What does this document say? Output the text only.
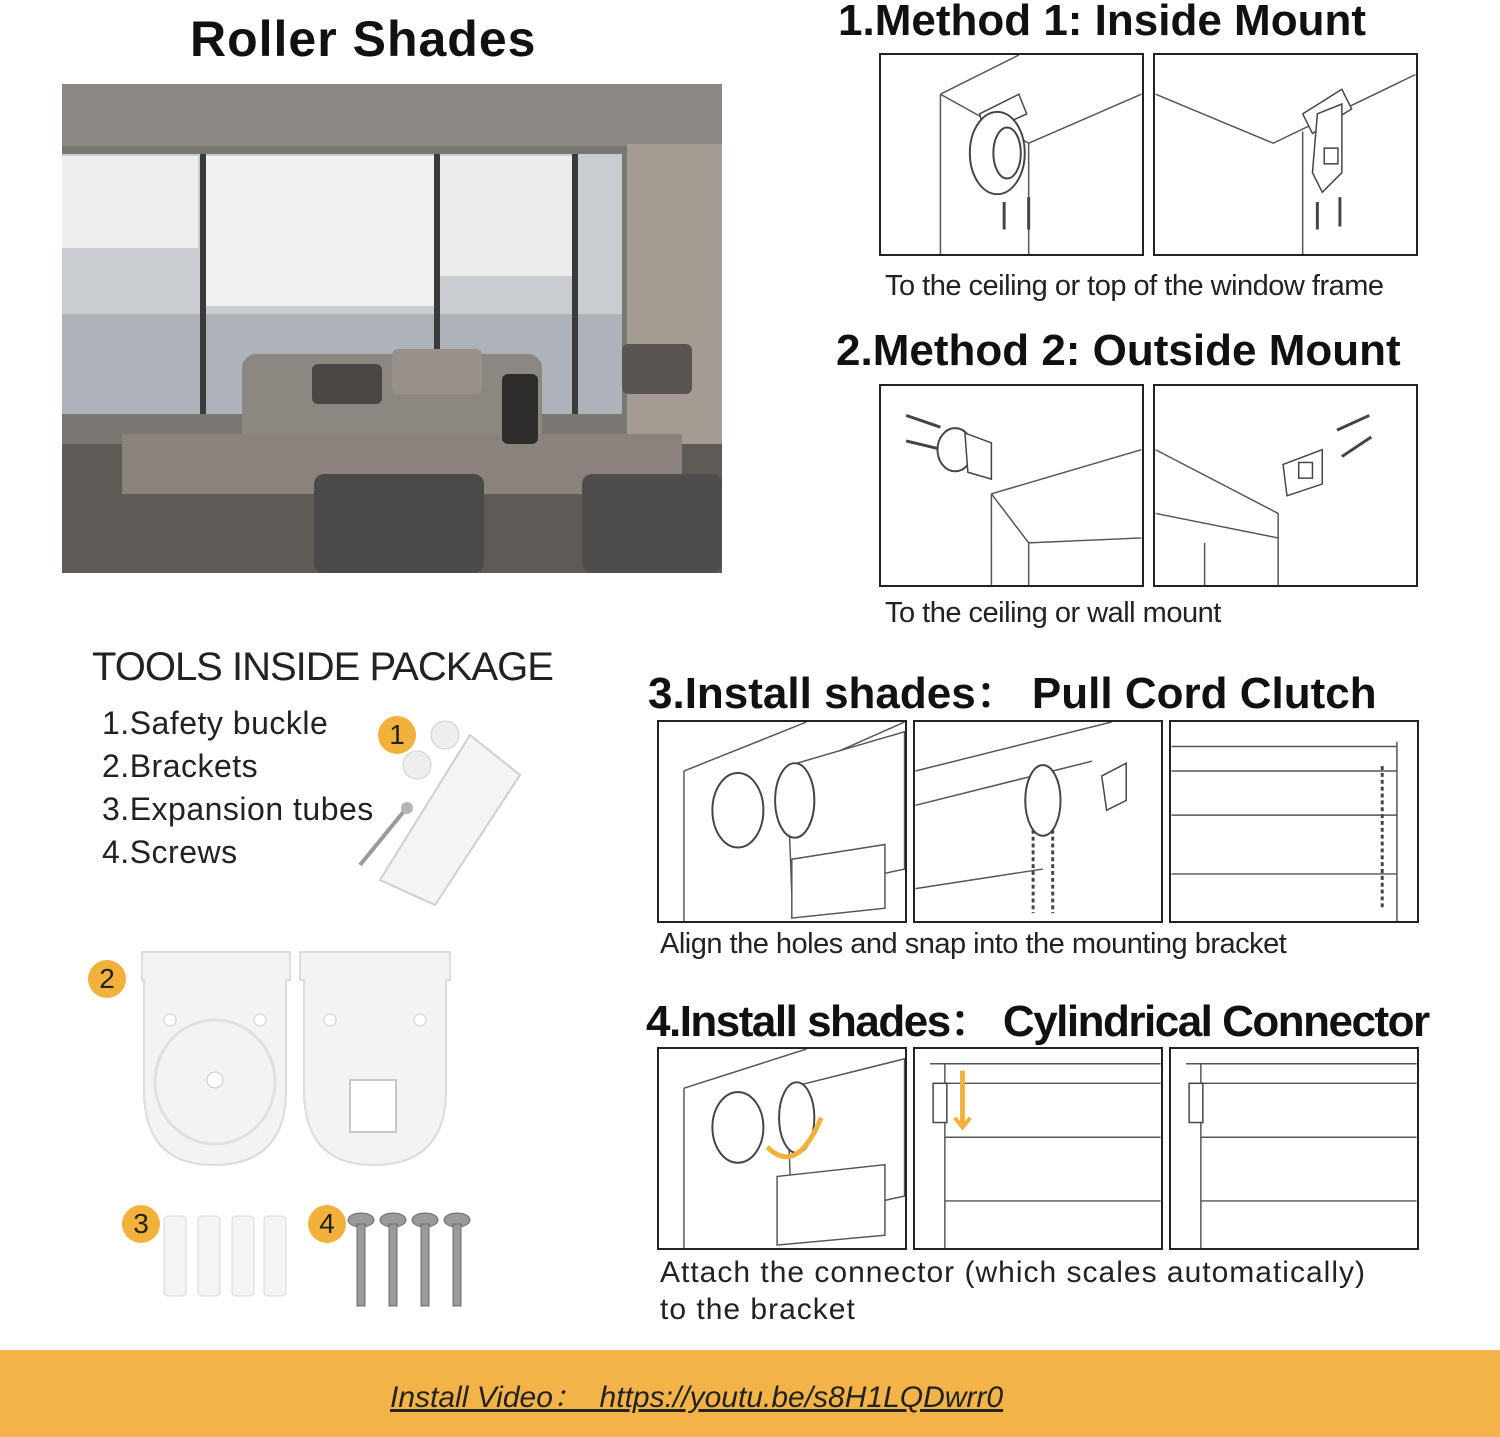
Roller Shades	1.Method 1: Inside Mount
To the ceiling or top of the window frame
2.Method 2: Outside Mount
To the ceiling or wall mount
3.Install shades： Pull Cord Clutch
Align the holes and snap into the mounting bracket
4.Install shades： Cylindrical Connector
Attach the connector (which scales automatically)
to the bracket
TOOLS INSIDE PACKAGE
1.Safety buckle
2.Brackets
3.Expansion tubes
4.Screws
1
2
3	4
Install Video：  https://youtu.be/s8H1LQDwrr0
